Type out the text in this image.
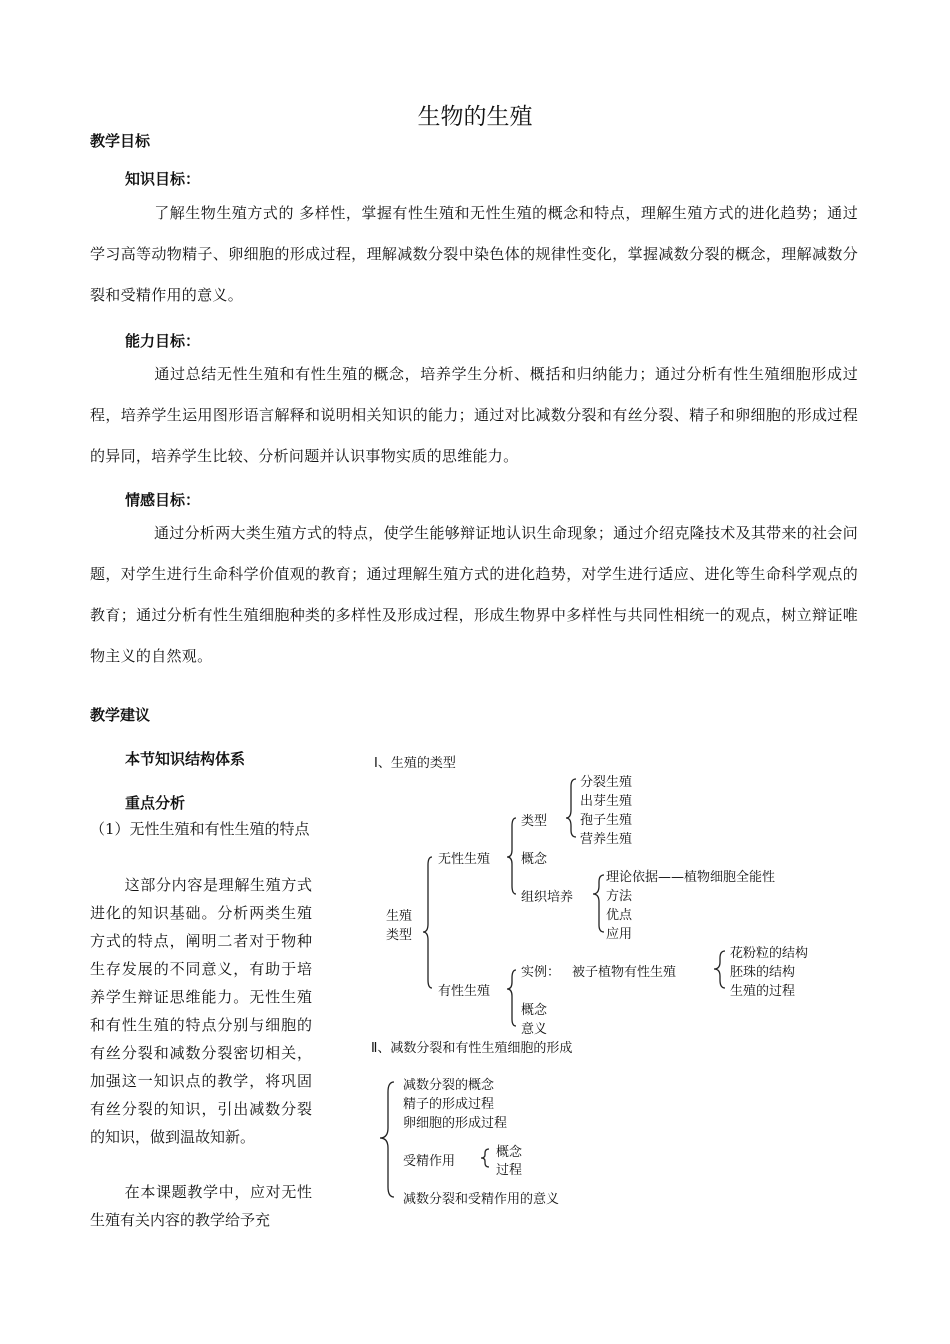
生物的生殖
教学目标
知识目标：
了解生物生殖方式的 多样性，掌握有性生殖和无性生殖的概念和特点，理解生殖方式的进化趋势；通过学习高等动物精子、卵细胞的形成过程，理解减数分裂中染色体的规律性变化，掌握减数分裂的概念，理解减数分裂和受精作用的意义。
能力目标：
通过总结无性生殖和有性生殖的概念，培养学生分析、概括和归纳能力；通过分析有性生殖细胞形成过程，培养学生运用图形语言解释和说明相关知识的能力；通过对比减数分裂和有丝分裂、精子和卵细胞的形成过程的异同，培养学生比较、分析问题并认识事物实质的思维能力。
情感目标：
通过分析两大类生殖方式的特点，使学生能够辩证地认识生命现象；通过介绍克隆技术及其带来的社会问题，对学生进行生命科学价值观的教育；通过理解生殖方式的进化趋势，对学生进行适应、进化等生命科学观点的教育；通过分析有性生殖细胞种类的多样性及形成过程，形成生物界中多样性与共同性相统一的观点，树立辩证唯物主义的自然观。
教学建议
本节知识结构体系
重点分析
（1）无性生殖和有性生殖的特点
这部分内容是理解生殖方式进化的知识基础。分析两类生殖方式的特点，阐明二者对于物种生存发展的不同意义，有助于培养学生辩证思维能力。无性生殖和有性生殖的特点分别与细胞的有丝分裂和减数分裂密切相关，加强这一知识点的教学，将巩固有丝分裂的知识，引出减数分裂的知识，做到温故知新。
在本课题教学中，应对无性生殖有关内容的教学给予充
Ⅰ、生殖的类型
生殖
类型
无性生殖
类型
分裂生殖
出芽生殖
孢子生殖
营养生殖
概念
组织培养
理论依据——植物细胞全能性
方法
优点
应用
有性生殖
实例： 被子植物有性生殖
花粉粒的结构
胚珠的结构
生殖的过程
概念
意义
Ⅱ、减数分裂和有性生殖细胞的形成
减数分裂的概念
精子的形成过程
卵细胞的形成过程
受精作用
概念
过程
减数分裂和受精作用的意义
